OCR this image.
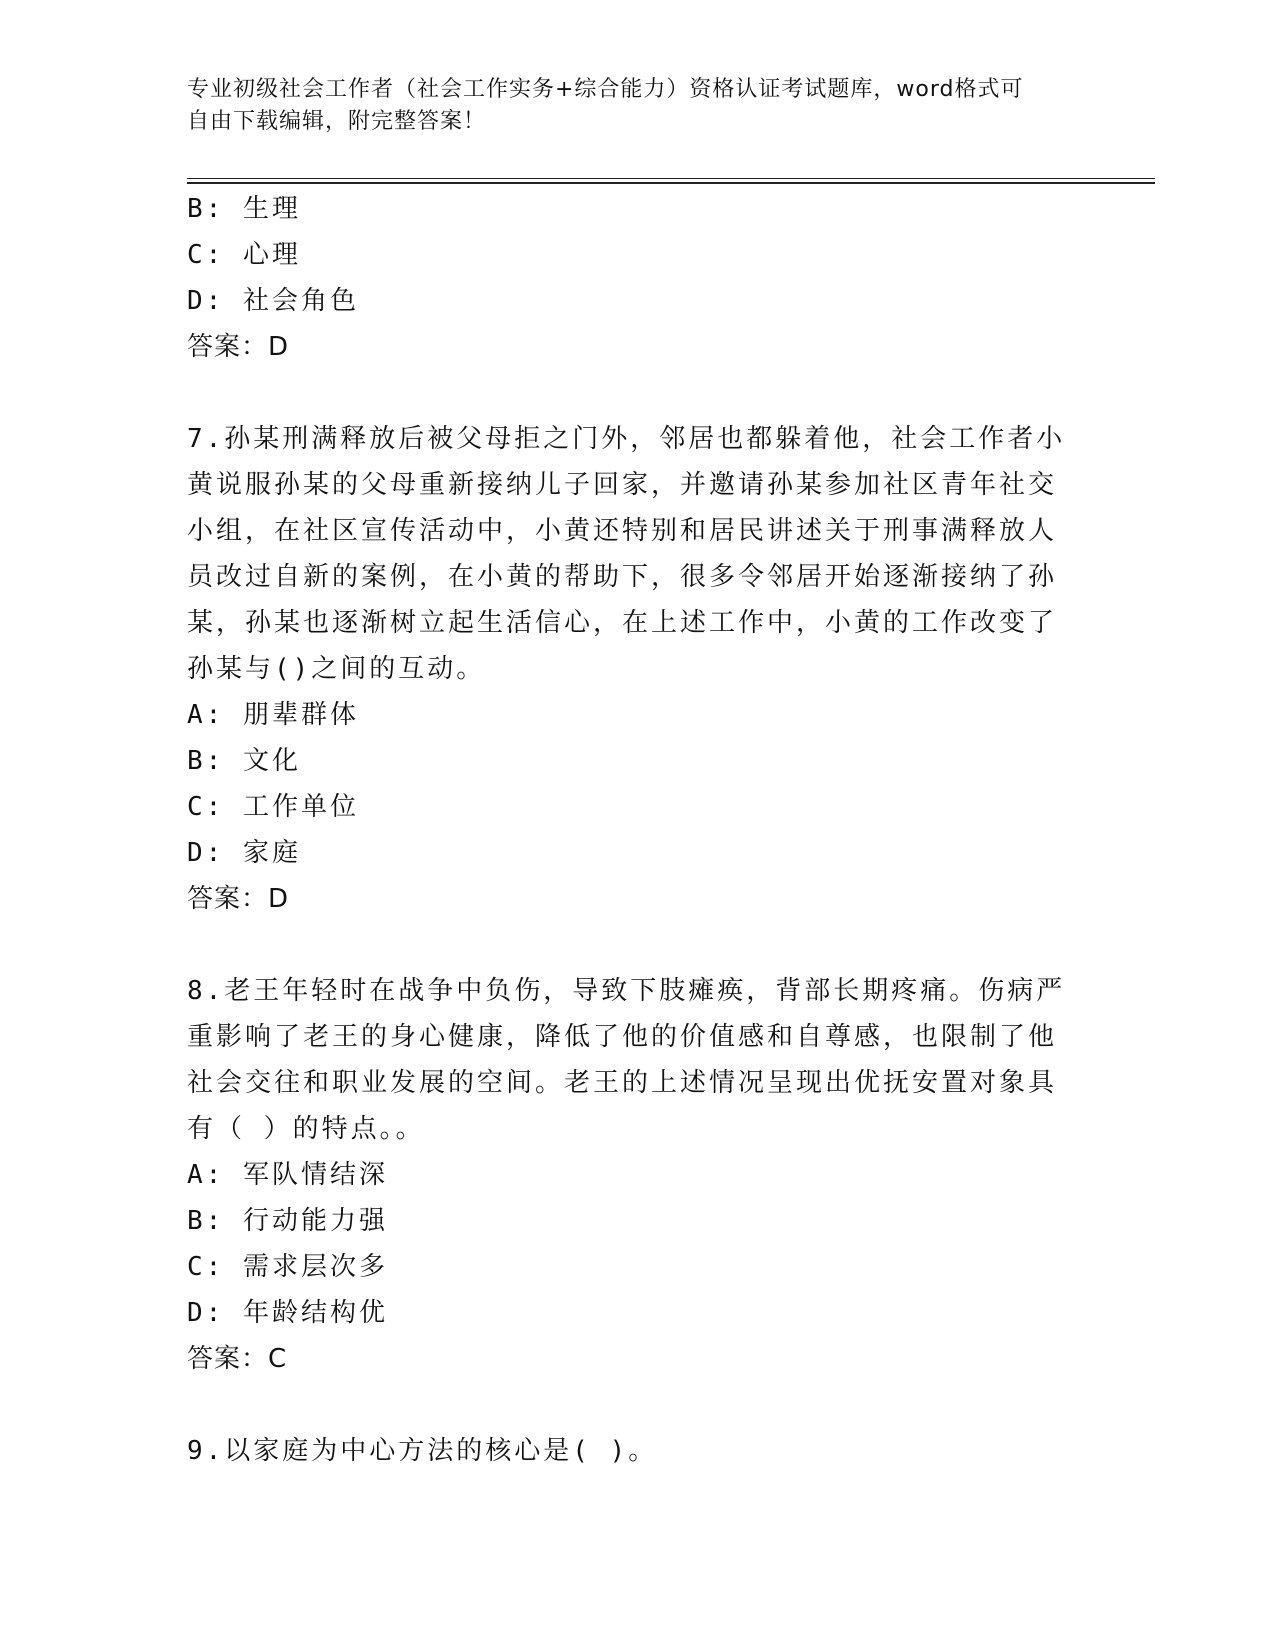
专业初级社会工作者（社会工作实务+综合能力）资格认证考试题库，word格式可
自由下载编辑，附完整答案！
B: 生理
C: 心理
D: 社会角色
答案：D
7.孙某刑满释放后被父母拒之门外，邻居也都躲着他，社会工作者小
黄说服孙某的父母重新接纳儿子回家，并邀请孙某参加社区青年社交
小组，在社区宣传活动中，小黄还特别和居民讲述关于刑事满释放人
员改过自新的案例，在小黄的帮助下，很多令邻居开始逐渐接纳了孙
某，孙某也逐渐树立起生活信心，在上述工作中，小黄的工作改变了
孙某与()之间的互动。
A: 朋辈群体
B: 文化
C: 工作单位
D: 家庭
答案：D
8.老王年轻时在战争中负伤，导致下肢瘫痪，背部长期疼痛。伤病严
重影响了老王的身心健康，降低了他的价值感和自尊感，也限制了他
社会交往和职业发展的空间。老王的上述情况呈现出优抚安置对象具
有（ ）的特点。。
A: 军队情结深
B: 行动能力强
C: 需求层次多
D: 年龄结构优
答案：C
9.以家庭为中心方法的核心是( )。
